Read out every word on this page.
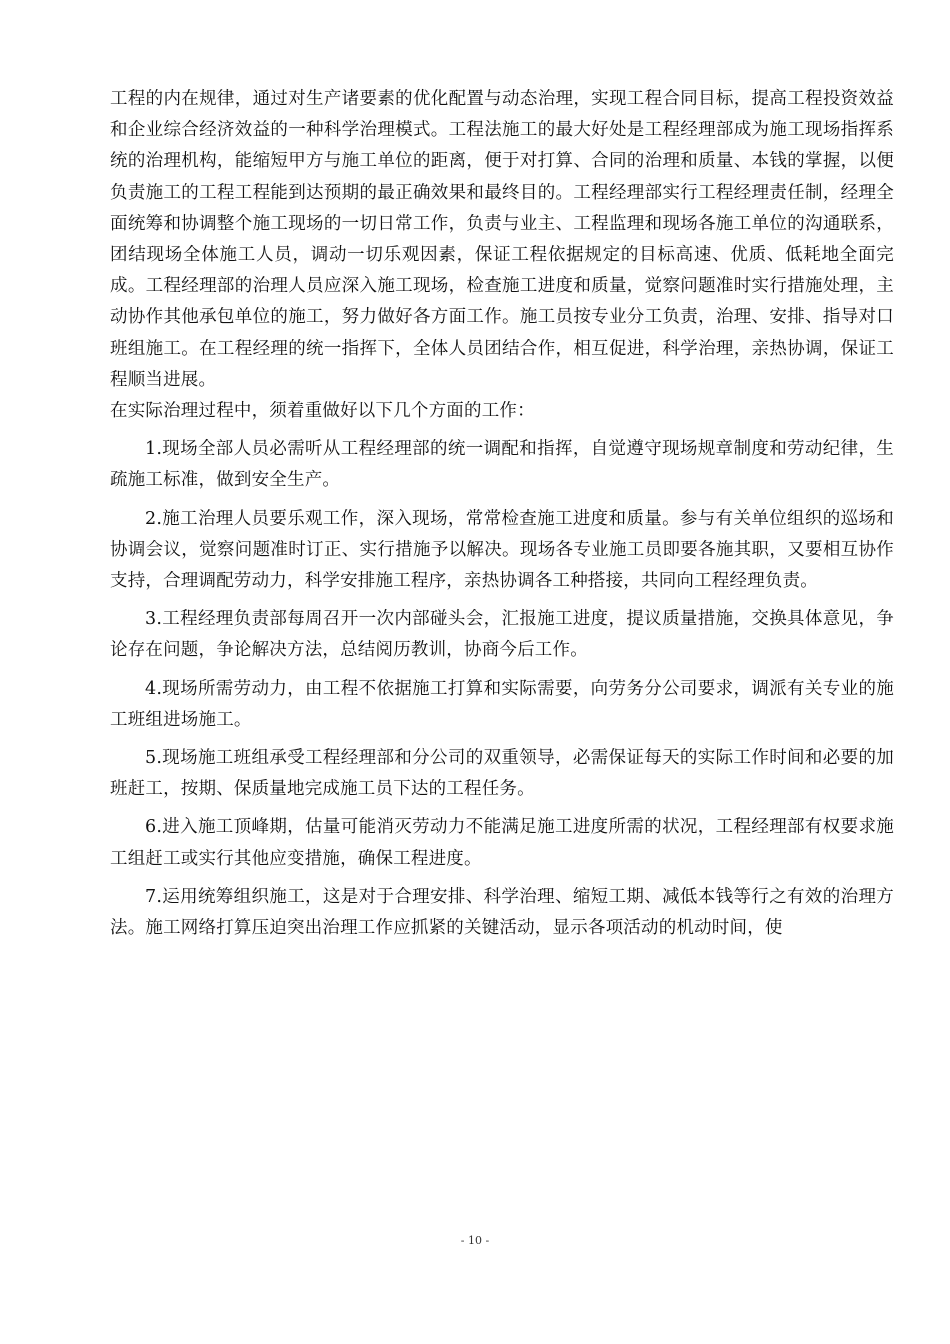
工程的内在规律，通过对生产诸要素的优化配置与动态治理，实现工程合同目标，提高工程投资效益和企业综合经济效益的一种科学治理模式。工程法施工的最大好处是工程经理部成为施工现场指挥系统的治理机构，能缩短甲方与施工单位的距离，便于对打算、合同的治理和质量、本钱的掌握，以便负责施工的工程工程能到达预期的最正确效果和最终目的。工程经理部实行工程经理责任制，经理全面统筹和协调整个施工现场的一切日常工作，负责与业主、工程监理和现场各施工单位的沟通联系，团结现场全体施工人员，调动一切乐观因素，保证工程依据规定的目标高速、优质、低耗地全面完成。工程经理部的治理人员应深入施工现场，检查施工进度和质量，觉察问题准时实行措施处理，主动协作其他承包单位的施工，努力做好各方面工作。施工员按专业分工负责，治理、安排、指导对口班组施工。在工程经理的统一指挥下，全体人员团结合作，相互促进，科学治理，亲热协调，保证工程顺当进展。

在实际治理过程中，须着重做好以下几个方面的工作：

1.现场全部人员必需听从工程经理部的统一调配和指挥，自觉遵守现场规章制度和劳动纪律，生疏施工标准，做到安全生产。

2.施工治理人员要乐观工作，深入现场，常常检查施工进度和质量。参与有关单位组织的巡场和协调会议，觉察问题准时订正、实行措施予以解决。现场各专业施工员即要各施其职，又要相互协作支持，合理调配劳动力，科学安排施工程序，亲热协调各工种搭接，共同向工程经理负责。

3.工程经理负责部每周召开一次内部碰头会，汇报施工进度，提议质量措施，交换具体意见，争论存在问题，争论解决方法，总结阅历教训，协商今后工作。

4.现场所需劳动力，由工程不依据施工打算和实际需要，向劳务分公司要求，调派有关专业的施工班组进场施工。

5.现场施工班组承受工程经理部和分公司的双重领导，必需保证每天的实际工作时间和必要的加班赶工，按期、保质量地完成施工员下达的工程任务。

6.进入施工顶峰期，估量可能消灭劳动力不能满足施工进度所需的状况，工程经理部有权要求施工组赶工或实行其他应变措施，确保工程进度。

7.运用统筹组织施工，这是对于合理安排、科学治理、缩短工期、减低本钱等行之有效的治理方法。施工网络打算压迫突出治理工作应抓紧的关键活动，显示各项活动的机动时间，使

- 10 -
